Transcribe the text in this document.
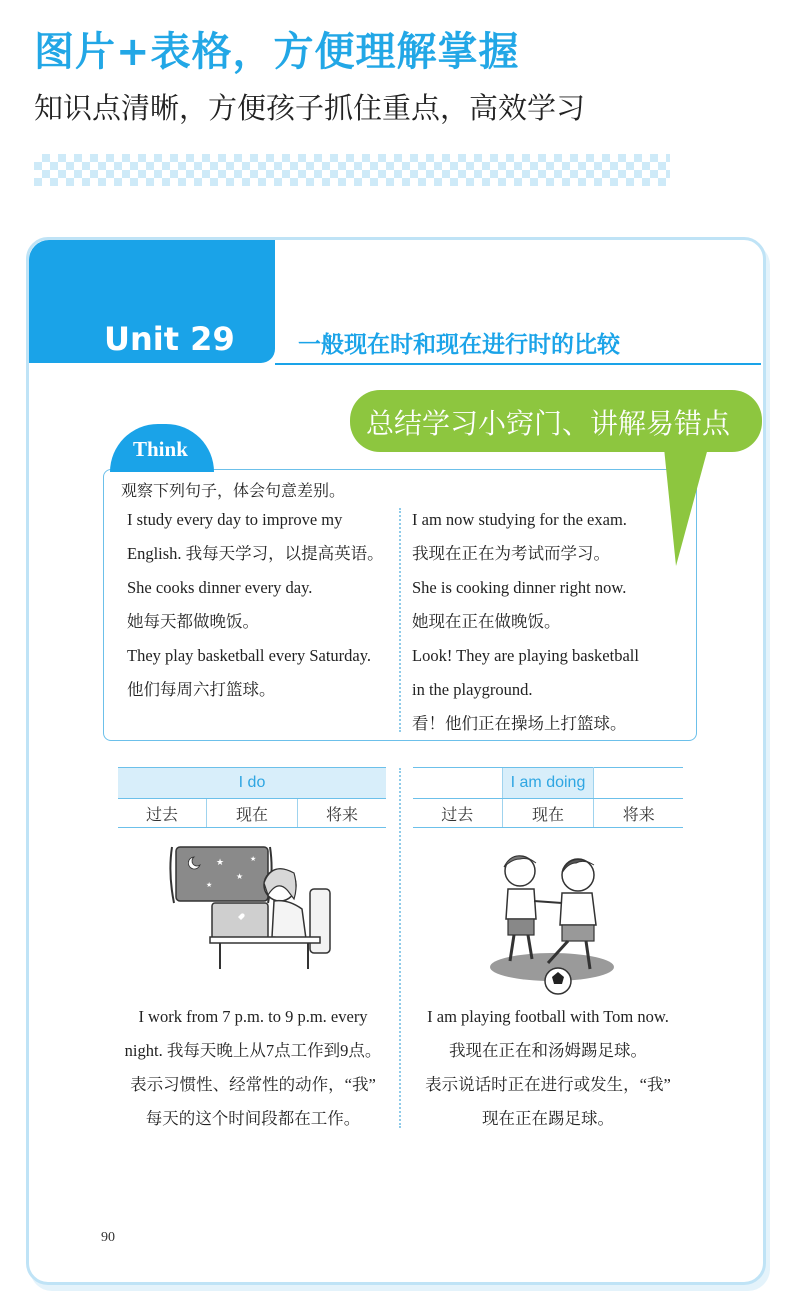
图片+表格，方便理解掌握
知识点清晰，方便孩子抓住重点，高效学习
Unit 29	一般现在时和现在进行时的比较
Think
观察下列句子，体会句意差别。
I study every day to improve my
English. 我每天学习，以提高英语。
She cooks dinner every day.
她每天都做晚饭。
They play basketball every Saturday.
他们每周六打篮球。
I am now studying for the exam.
我现在正在为考试而学习。
She is cooking dinner right now.
她现在正在做晚饭。
Look! They are playing basketball
in the playground.
看！他们正在操场上打篮球。
总结学习小窍门、讲解易错点
I do
过去	现在	将来
	I am doing	
过去	现在	将来
★
★
★
★
I work from 7 p.m. to 9 p.m. every
night. 我每天晚上从7点工作到9点。
表示习惯性、经常性的动作，“我”
每天的这个时间段都在工作。
I am playing football with Tom now.
我现在正在和汤姆踢足球。
表示说话时正在进行或发生，“我”
现在正在踢足球。
90
